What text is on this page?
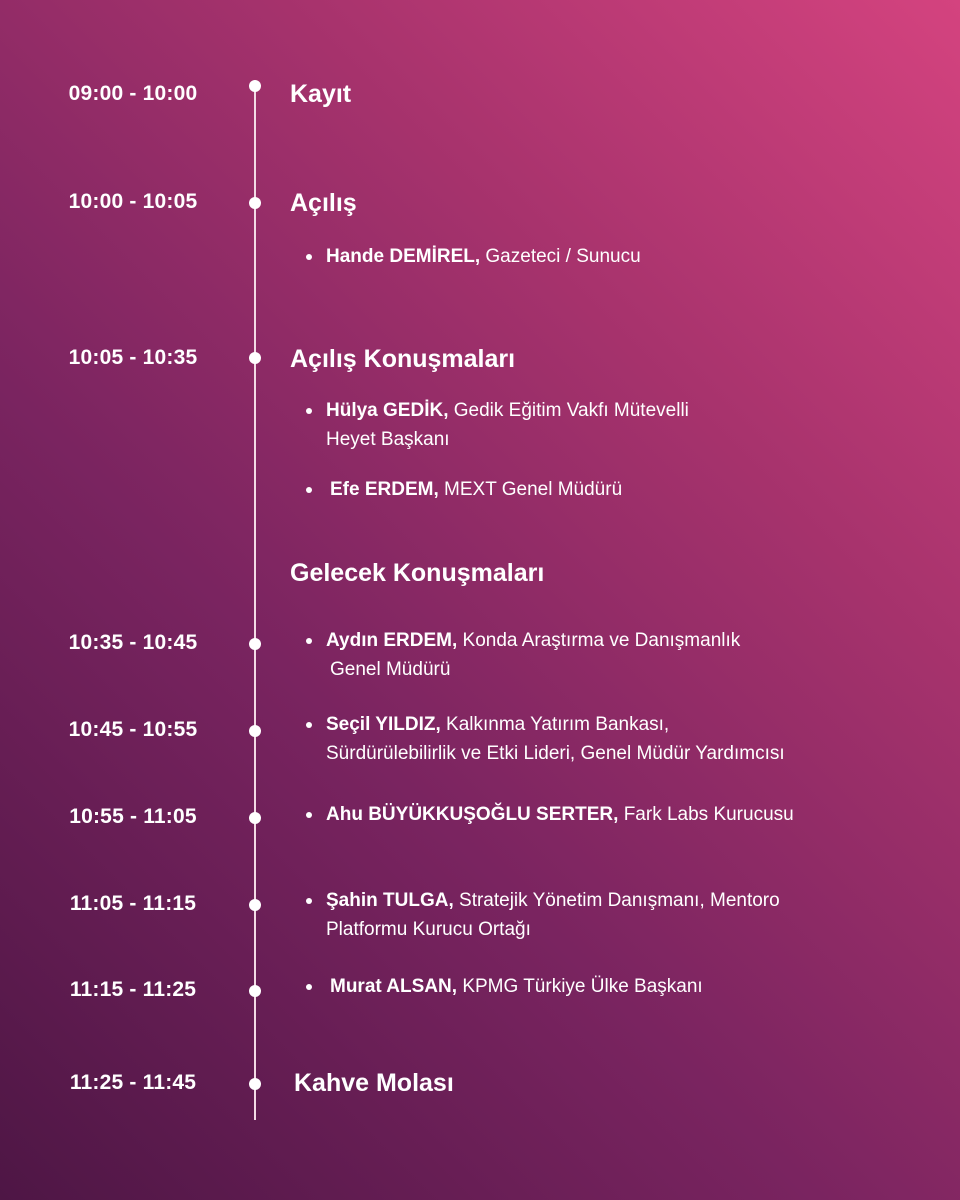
09:00 - 10:00	Kayıt
10:00 - 10:05	Açılış
Hande DEMİREL, Gazeteci / Sunucu
10:05 - 10:35	Açılış Konuşmaları
Hülya GEDİK, Gedik Eğitim Vakfı Mütevelli
Heyet Başkanı
Efe ERDEM, MEXT Genel Müdürü
Gelecek Konuşmaları
10:35 - 10:45	Aydın ERDEM, Konda Araştırma ve Danışmanlık
Genel Müdürü
10:45 - 10:55	Seçil YILDIZ, Kalkınma Yatırım Bankası,
Sürdürülebilirlik ve Etki Lideri, Genel Müdür Yardımcısı
10:55 - 11:05	Ahu BÜYÜKKUŞOĞLU SERTER, Fark Labs Kurucusu
11:05 - 11:15	Şahin TULGA, Stratejik Yönetim Danışmanı, Mentoro
Platformu Kurucu Ortağı
11:15 - 11:25	Murat ALSAN, KPMG Türkiye Ülke Başkanı
11:25 - 11:45	Kahve Molası
